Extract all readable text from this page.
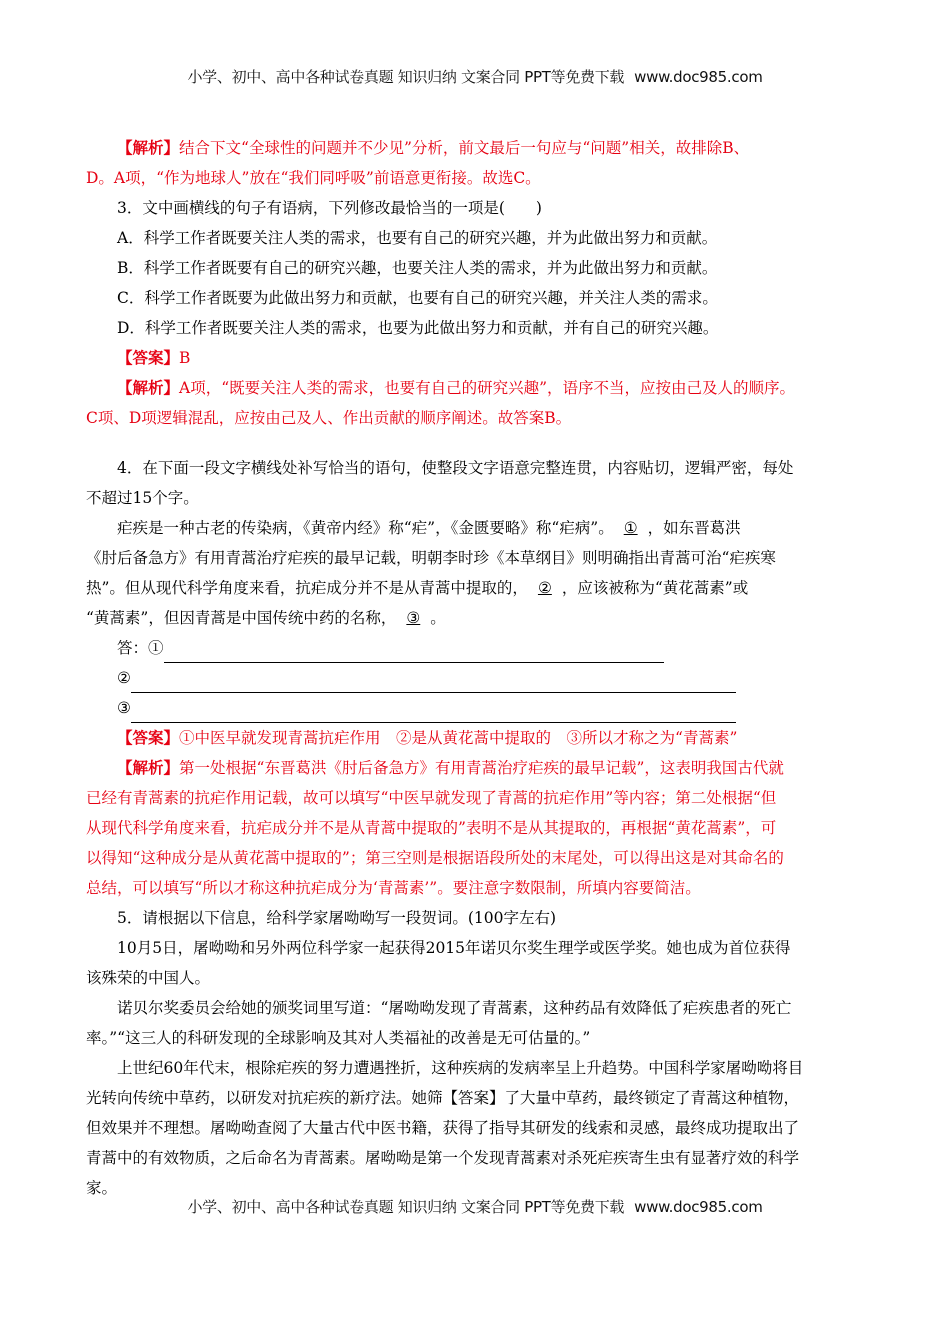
小学、初中、高中各种试卷真题 知识归纳 文案合同 PPT等免费下载 www.doc985.com
【解析】结合下文“全球性的问题并不少见”分析，前文最后一句应与“问题”相关，故排除B、
D。A项，“作为地球人”放在“我们同呼吸”前语意更衔接。故选C。
3．文中画横线的句子有语病，下列修改最恰当的一项是(　　)
A．科学工作者既要关注人类的需求，也要有自己的研究兴趣，并为此做出努力和贡献。
B．科学工作者既要有自己的研究兴趣，也要关注人类的需求，并为此做出努力和贡献。
C．科学工作者既要为此做出努力和贡献，也要有自己的研究兴趣，并关注人类的需求。
D．科学工作者既要关注人类的需求，也要为此做出努力和贡献，并有自己的研究兴趣。
【答案】B
【解析】A项，“既要关注人类的需求，也要有自己的研究兴趣”，语序不当，应按由己及人的顺序。
C项、D项逻辑混乱，应按由己及人、作出贡献的顺序阐述。故答案B。
4．在下面一段文字横线处补写恰当的语句，使整段文字语意完整连贯，内容贴切，逻辑严密，每处
不超过15个字。
疟疾是一种古老的传染病，《黄帝内经》称“疟”，《金匮要略》称“疟病”。 ① ，如东晋葛洪
《肘后备急方》有用青蒿治疗疟疾的最早记载，明朝李时珍《本草纲目》则明确指出青蒿可治“疟疾寒
热”。但从现代科学角度来看，抗疟成分并不是从青蒿中提取的， ② ，应该被称为“黄花蒿素”或
“黄蒿素”，但因青蒿是中国传统中药的名称， ③ 。
答：①
②
③
【答案】①中医早就发现青蒿抗疟作用　②是从黄花蒿中提取的　③所以才称之为“青蒿素”
【解析】第一处根据“东晋葛洪《肘后备急方》有用青蒿治疗疟疾的最早记载”，这表明我国古代就
已经有青蒿素的抗疟作用记载，故可以填写“中医早就发现了青蒿的抗疟作用”等内容；第二处根据“但
从现代科学角度来看，抗疟成分并不是从青蒿中提取的”表明不是从其提取的，再根据“黄花蒿素”，可
以得知“这种成分是从黄花蒿中提取的”；第三空则是根据语段所处的末尾处，可以得出这是对其命名的
总结，可以填写“所以才称这种抗疟成分为‘青蒿素’”。要注意字数限制，所填内容要简洁。
5．请根据以下信息，给科学家屠呦呦写一段贺词。(100字左右)
10月5日，屠呦呦和另外两位科学家一起获得2015年诺贝尔奖生理学或医学奖。她也成为首位获得
该殊荣的中国人。
诺贝尔奖委员会给她的颁奖词里写道：“屠呦呦发现了青蒿素，这种药品有效降低了疟疾患者的死亡
率。”“这三人的科研发现的全球影响及其对人类福祉的改善是无可估量的。”
上世纪60年代末，根除疟疾的努力遭遇挫折，这种疾病的发病率呈上升趋势。中国科学家屠呦呦将目
光转向传统中草药，以研发对抗疟疾的新疗法。她筛【答案】了大量中草药，最终锁定了青蒿这种植物，
但效果并不理想。屠呦呦查阅了大量古代中医书籍，获得了指导其研发的线索和灵感，最终成功提取出了
青蒿中的有效物质，之后命名为青蒿素。屠呦呦是第一个发现青蒿素对杀死疟疾寄生虫有显著疗效的科学
家。
小学、初中、高中各种试卷真题 知识归纳 文案合同 PPT等免费下载 www.doc985.com
